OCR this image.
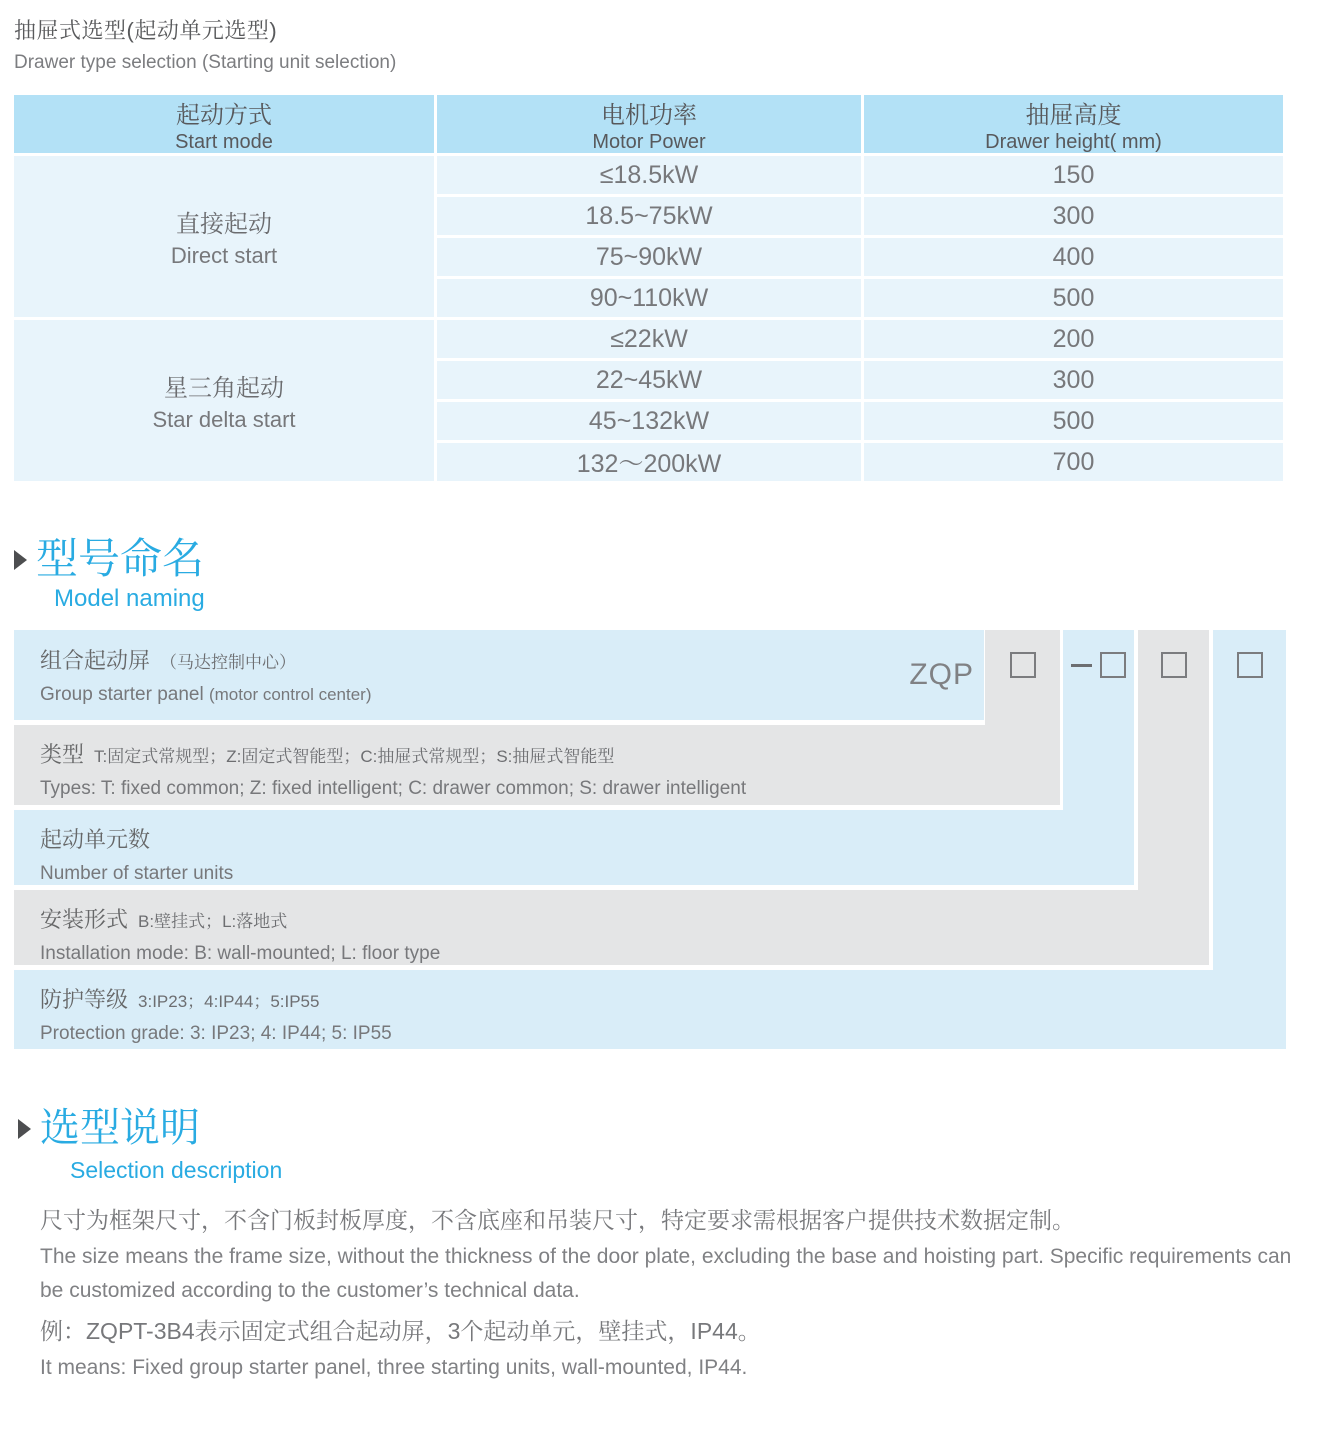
抽屉式选型(起动单元选型)
Drawer type selection (Starting unit selection)
起动方式
Start mode
电机功率
Motor Power
抽屉高度
Drawer height( mm)
直接起动
Direct start
星三角起动
Star delta start
≤18.5kW
18.5~75kW
75~90kW
90~110kW
≤22kW
22~45kW
45~132kW
132～200kW
150
300
400
500
200
300
500
700
型号命名
Model naming
组合起动屏 （马达控制中心）
Group starter panel (motor control center)
ZQP
类型 T:固定式常规型；Z:固定式智能型；C:抽屉式常规型；S:抽屉式智能型
Types: T: fixed common; Z: fixed intelligent; C: drawer common; S: drawer intelligent
起动单元数
Number of starter units
安装形式 B:壁挂式；L:落地式
Installation mode: B: wall-mounted; L: floor type
防护等级 3:IP23；4:IP44；5:IP55
Protection grade: 3: IP23; 4: IP44; 5: IP55
选型说明
Selection description
尺寸为框架尺寸，不含门板封板厚度，不含底座和吊装尺寸，特定要求需根据客户提供技术数据定制。
The size means the frame size, without the thickness of the door plate, excluding the base and hoisting part. Specific requirements can be customized according to the customer’s technical data.
例：ZQPT-3B4表示固定式组合起动屏，3个起动单元，壁挂式，IP44。
It means: Fixed group starter panel, three starting units, wall-mounted, IP44.
